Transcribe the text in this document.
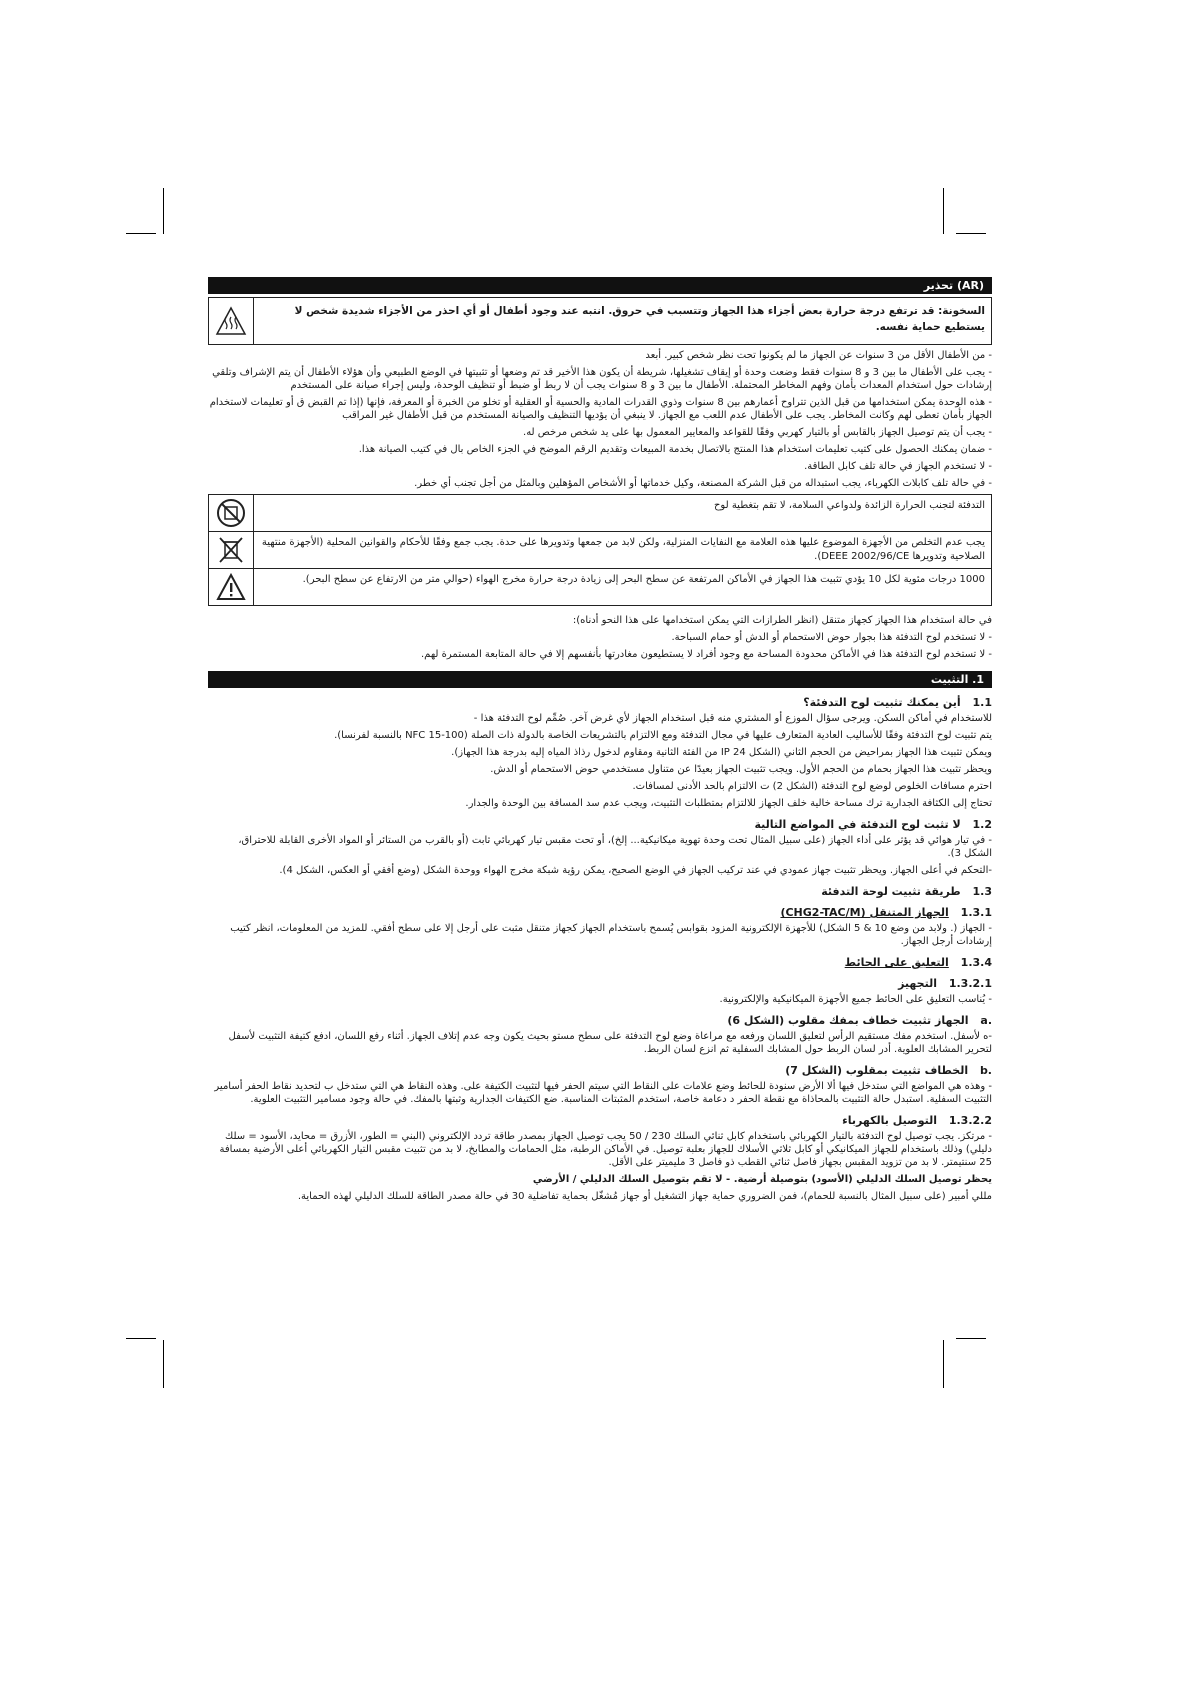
(AR) تحذير
السخونة: قد ترتفع درجة حرارة بعض أجزاء هذا الجهاز وتتسبب في حروق. انتبه عند وجود أطفال أو أي احذر من الأجزاء شديدة شخص لا يستطيع حماية نفسه.
- من الأطفال الأقل من 3 سنوات عن الجهاز ما لم يكونوا تحت نظر شخص كبير. أبعد
- يجب على الأطفال ما بين 3 و 8 سنوات فقط وضعت وحدة أو إيقاف تشغيلها، شريطة أن يكون هذا الأخير قد تم وضعها أو تثبيتها في الوضع الطبيعي وأن هؤلاء الأطفال أن يتم الإشراف وتلقي إرشادات حول استخدام المعدات بأمان وفهم المخاطر المحتملة. الأطفال ما بين 3 و 8 سنوات يجب أن لا ربط أو ضبط أو تنظيف الوحدة، وليس إجراء صيانة على المستخدم
- هذه الوحدة يمكن استخدامها من قبل الذين تتراوح أعمارهم بين 8 سنوات وذوي القدرات المادية والحسية أو العقلية أو تخلو من الخبرة أو المعرفة، فإنها (إذا تم القبض ق أو تعليمات لاستخدام الجهاز بأمان تعطى لهم وكانت المخاطر. يجب على الأطفال عدم اللعب مع الجهاز. لا ينبغي أن يؤديها التنظيف والصيانة المستخدم من قبل الأطفال غير المراقب
- يجب أن يتم توصيل الجهاز بالقابس أو بالتيار كهربي وفقًا للقواعد والمعايير المعمول بها على يد شخص مرخص له.
- ضمان يمكنك الحصول على كتيب تعليمات استخدام هذا المنتج بالاتصال بخدمة المبيعات وتقديم الرقم الموضح في الجزء الخاص بال في كتيب الصيانة هذا.
- لا تستخدم الجهاز في حالة تلف كابل الطاقة.
- في حالة تلف كابلات الكهرباء، يجب استبداله من قبل الشركة المصنعة، وكيل خدماتها أو الأشخاص المؤهلين وبالمثل من أجل تجنب أي خطر.
التدفئة لتجنب الحرارة الزائدة ولدواعي السلامة، لا تقم بتغطية لوح
يجب عدم التخلص من الأجهزة الموضوع عليها هذه العلامة مع النفايات المنزلية، ولكن لابد من جمعها وتدويرها على حدة. يجب جمع وفقًا للأحكام والقوانين المحلية (الأجهزة منتهية الصلاحية وتدويرها DEEE 2002/96/CE).
1000 درجات مئوية لكل 10 يؤدي تثبيت هذا الجهاز في الأماكن المرتفعة عن سطح البحر إلى زيادة درجة حرارة مخرج الهواء (حوالي متر من الارتفاع عن سطح البحر).
في حالة استخدام هذا الجهاز كجهاز متنقل (انظر الطرازات التي يمكن استخدامها على هذا النحو أدناه):
- لا تستخدم لوح التدفئة هذا بجوار حوض الاستحمام أو الدش أو حمام السباحة.
- لا تستخدم لوح التدفئة هذا في الأماكن محدودة المساحة مع وجود أفراد لا يستطيعون مغادرتها بأنفسهم إلا في حالة المتابعة المستمرة لهم.
1. التثبيت
1.1 أين يمكنك تثبيت لوح التدفئة؟
للاستخدام في أماكن السكن. ويرجى سؤال الموزع أو المشتري منه قبل استخدام الجهاز لأي غرض آخر. صُمِّم لوح التدفئة هذا -
يتم تثبيت لوح التدفئة وفقًا للأساليب العادية المتعارف عليها في مجال التدفئة ومع الالتزام بالتشريعات الخاصة بالدولة ذات الصلة (NFC 15-100 بالنسبة لفرنسا).
ويمكن تثبيت هذا الجهاز بمراحيض من الحجم الثاني (الشكل IP 24 من الفئة الثانية ومقاوم لدخول رذاذ المياه إليه بدرجة هذا الجهاز).
ويحظر تثبيت هذا الجهاز بحمام من الحجم الأول. ويجب تثبيت الجهاز بعيدًا عن متناول مستخدمي حوض الاستحمام أو الدش.
احترم مسافات الخلوص لوضع لوح التدفئة (الشكل 2) ت الالتزام بالحد الأدنى لمسافات.
تحتاج إلى الكثافة الجدارية ترك مساحة خالية خلف الجهاز للالتزام بمتطلبات التثبيت، ويجب عدم سد المسافة بين الوحدة والجدار.
1.2 لا تثبت لوح التدفئة في المواضع التالية
- في تيار هوائي قد يؤثر على أداء الجهاز (على سبيل المثال تحت وحدة تهوية ميكانيكية... إلخ)، أو تحت مقبس تيار كهربائي ثابت (أو بالقرب من الستائر أو المواد الأخرى القابلة للاحتراق، الشكل 3).
-التحكم في أعلى الجهاز. ويحظر تثبيت جهاز عمودي في عند تركيب الجهاز في الوضع الصحيح، يمكن رؤية شبكة مخرج الهواء ووحدة الشكل (وضع أفقي أو العكس، الشكل 4).
1.3 طريقة تثبيت لوحة التدفئة
1.3.1 الجهاز المتنقل (CHG2-TAC/M)
- الجهاز (. ولابد من وضع 10 & 5 الشكل) للأجهزة الإلكترونية المزود بقوابس يُسمح باستخدام الجهاز كجهاز متنقل مثبت على أرجل إلا على سطح أفقي. للمزيد من المعلومات، انظر كتيب إرشادات أرجل الجهاز.
1.3.4 التعليق على الحائط
1.3.2.1 التجهيز
- يُناسب التعليق على الحائط جميع الأجهزة الميكانيكية والإلكترونية.
a. الجهاز تثبيت خطاف بمفك مقلوب (الشكل 6)
-ه لأسفل. استخدم مفك مستقيم الرأس لتعليق اللسان ورفعه مع مراعاة وضع لوح التدفئة على سطح مستو بحيث يكون وجه عدم إتلاف الجهاز. أثناء رفع اللسان، ادفع كتيفة التثبيت لأسفل لتحرير المشابك العلوية. أدر لسان الربط حول المشابك السفلية ثم انزع لسان الربط.
b. الخطاف تثبيت بمقلوب (الشكل 7)
- وهذه هي المواضع التي ستدخل فيها ألا الأرض سنودة للحائط وضع علامات على النقاط التي سيتم الحفر فيها لتثبيت الكتيفة على. وهذه النقاط هي التي ستدخل ب لتحديد نقاط الحفر أسامير التثبيت السفلية. استبدل حالة التثبيت بالمحاذاة مع نقطة الحفر د دعامة خاصة، استخدم المثبتات المناسبة. ضع الكتيفات الجدارية وثبتها بالمفك. في حالة وجود مسامير التثبيت العلوية.
1.3.2.2 التوصيل بالكهرباء
- مرتكز. يجب توصيل لوح التدفئة بالتيار الكهربائي باستخدام كابل ثنائي السلك 230 / 50 يجب توصيل الجهاز بمصدر طاقة تردد الإلكتروني (البني = الطور، الأزرق = محايد، الأسود = سلك دليلي) وذلك باستخدام للجهاز الميكانيكي أو كابل ثلاثي الأسلاك للجهاز بعلبة توصيل. في الأماكن الرطبة، مثل الحمامات والمطابخ، لا بد من تثبيت مقبس التيار الكهربائي أعلى الأرضية بمسافة 25 سنتيمتر. لا بد من تزويد المقبس بجهاز فاصل ثنائي القطب ذو فاصل 3 مليميتر على الأقل.
يحظر توصيل السلك الدليلي (الأسود) بتوصيلة أرضية. - لا تقم بتوصيل السلك الدليلي / الأرضي
مللي أمبير (على سبيل المثال بالنسبة للحمام)، فمن الضروري حماية جهاز التشغيل أو جهاز مُشغّل بحماية تفاضلية 30 في حالة مصدر الطاقة للسلك الدليلي لهذه الحماية.
